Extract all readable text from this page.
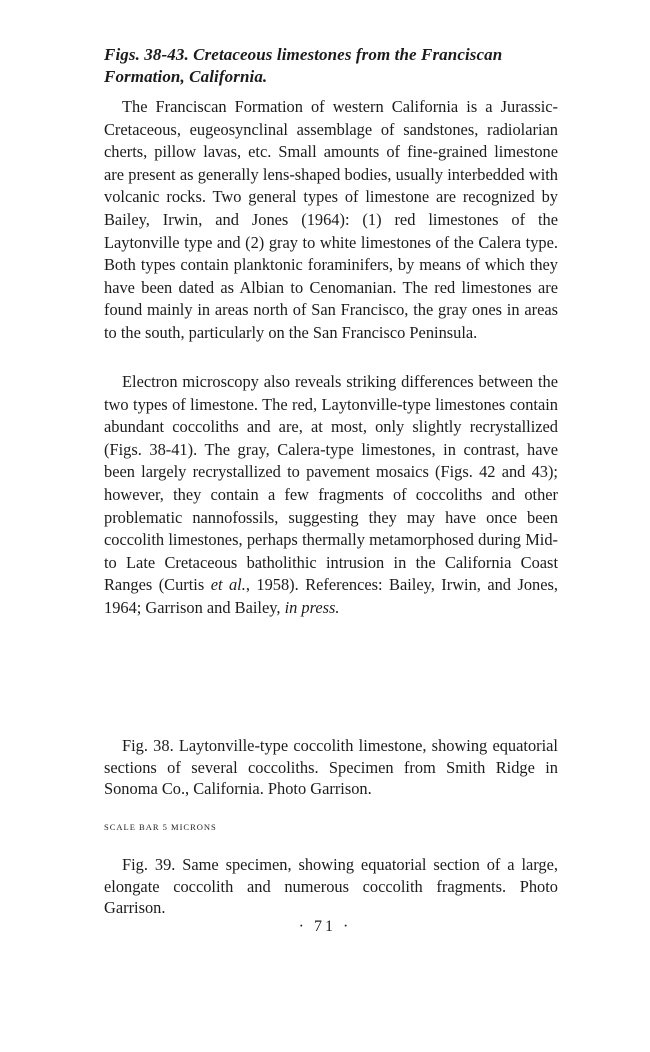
Figs. 38-43. Cretaceous limestones from the Franciscan Formation, California.

The Franciscan Formation of western California is a Jurassic-Cretaceous, eugeosynclinal assemblage of sandstones, radiolarian cherts, pillow lavas, etc. Small amounts of fine-grained limestone are present as generally lens-shaped bodies, usually interbedded with volcanic rocks. Two general types of limestone are recognized by Bailey, Irwin, and Jones (1964): (1) red limestones of the Laytonville type and (2) gray to white limestones of the Calera type. Both types contain planktonic foraminifers, by means of which they have been dated as Albian to Cenomanian. The red limestones are found mainly in areas north of San Francisco, the gray ones in areas to the south, particularly on the San Francisco Peninsula.

Electron microscopy also reveals striking differences between the two types of limestone. The red, Laytonville-type limestones contain abundant coccoliths and are, at most, only slightly recrystallized (Figs. 38-41). The gray, Calera-type limestones, in contrast, have been largely recrystallized to pavement mosaics (Figs. 42 and 43); however, they contain a few fragments of coccoliths and other problematic nannofossils, suggesting they may have once been coccolith limestones, perhaps thermally metamorphosed during Mid- to Late Cretaceous batholithic intrusion in the California Coast Ranges (Curtis et al., 1958). References: Bailey, Irwin, and Jones, 1964; Garrison and Bailey, in press.

Fig. 38. Laytonville-type coccolith limestone, showing equatorial sections of several coccoliths. Specimen from Smith Ridge in Sonoma Co., California. Photo Garrison.

SCALE BAR 5 MICRONS

Fig. 39. Same specimen, showing equatorial section of a large, elongate coccolith and numerous coccolith fragments. Photo Garrison.

· 71 ·
